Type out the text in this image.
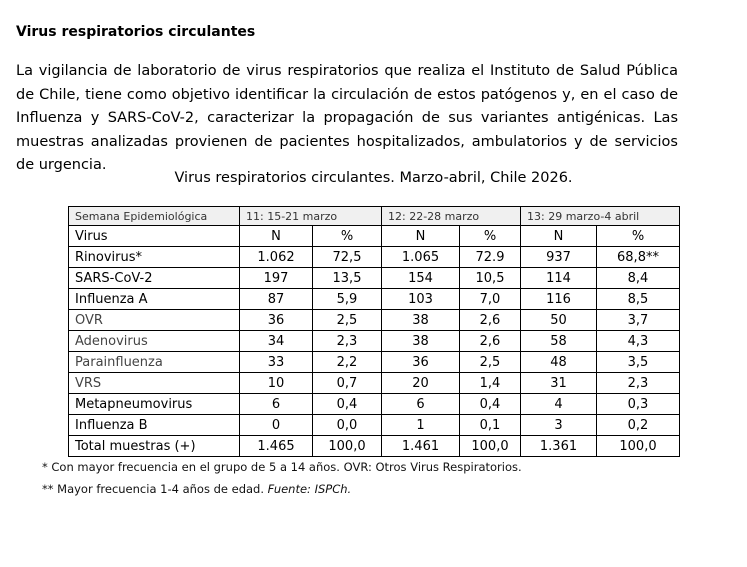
Virus respiratorios circulantes
La vigilancia de laboratorio de virus respiratorios que realiza el Instituto de Salud Pública de Chile, tiene como objetivo identificar la circulación de estos patógenos y, en el caso de Influenza y SARS-CoV-2, caracterizar la propagación de sus variantes antigénicas. Las muestras analizadas provienen de pacientes hospitalizados, ambulatorios y de servicios de urgencia.
Virus respiratorios circulantes. Marzo-abril, Chile 2026.
Semana Epidemiológica	11: 15-21 marzo		12: 22-28 marzo		13: 29 marzo-4 abril	
Virus	N	%	N	%	N	%
Rinovirus*	1.062	72,5	1.065	72.9	937	68,8**
SARS-CoV-2	197	13,5	154	10,5	114	8,4
Influenza A	87	5,9	103	7,0	116	8,5
OVR	36	2,5	38	2,6	50	3,7
Adenovirus	34	2,3	38	2,6	58	4,3
Parainfluenza	33	2,2	36	2,5	48	3,5
VRS	10	0,7	20	1,4	31	2,3
Metapneumovirus	6	0,4	6	0,4	4	0,3
Influenza B	0	0,0	1	0,1	3	0,2
Total muestras (+)	1.465	100,0	1.461	100,0	1.361	100,0
* Con mayor frecuencia en el grupo de 5 a 14 años. OVR: Otros Virus Respiratorios.
** Mayor frecuencia 1-4 años de edad. Fuente: ISPCh.
